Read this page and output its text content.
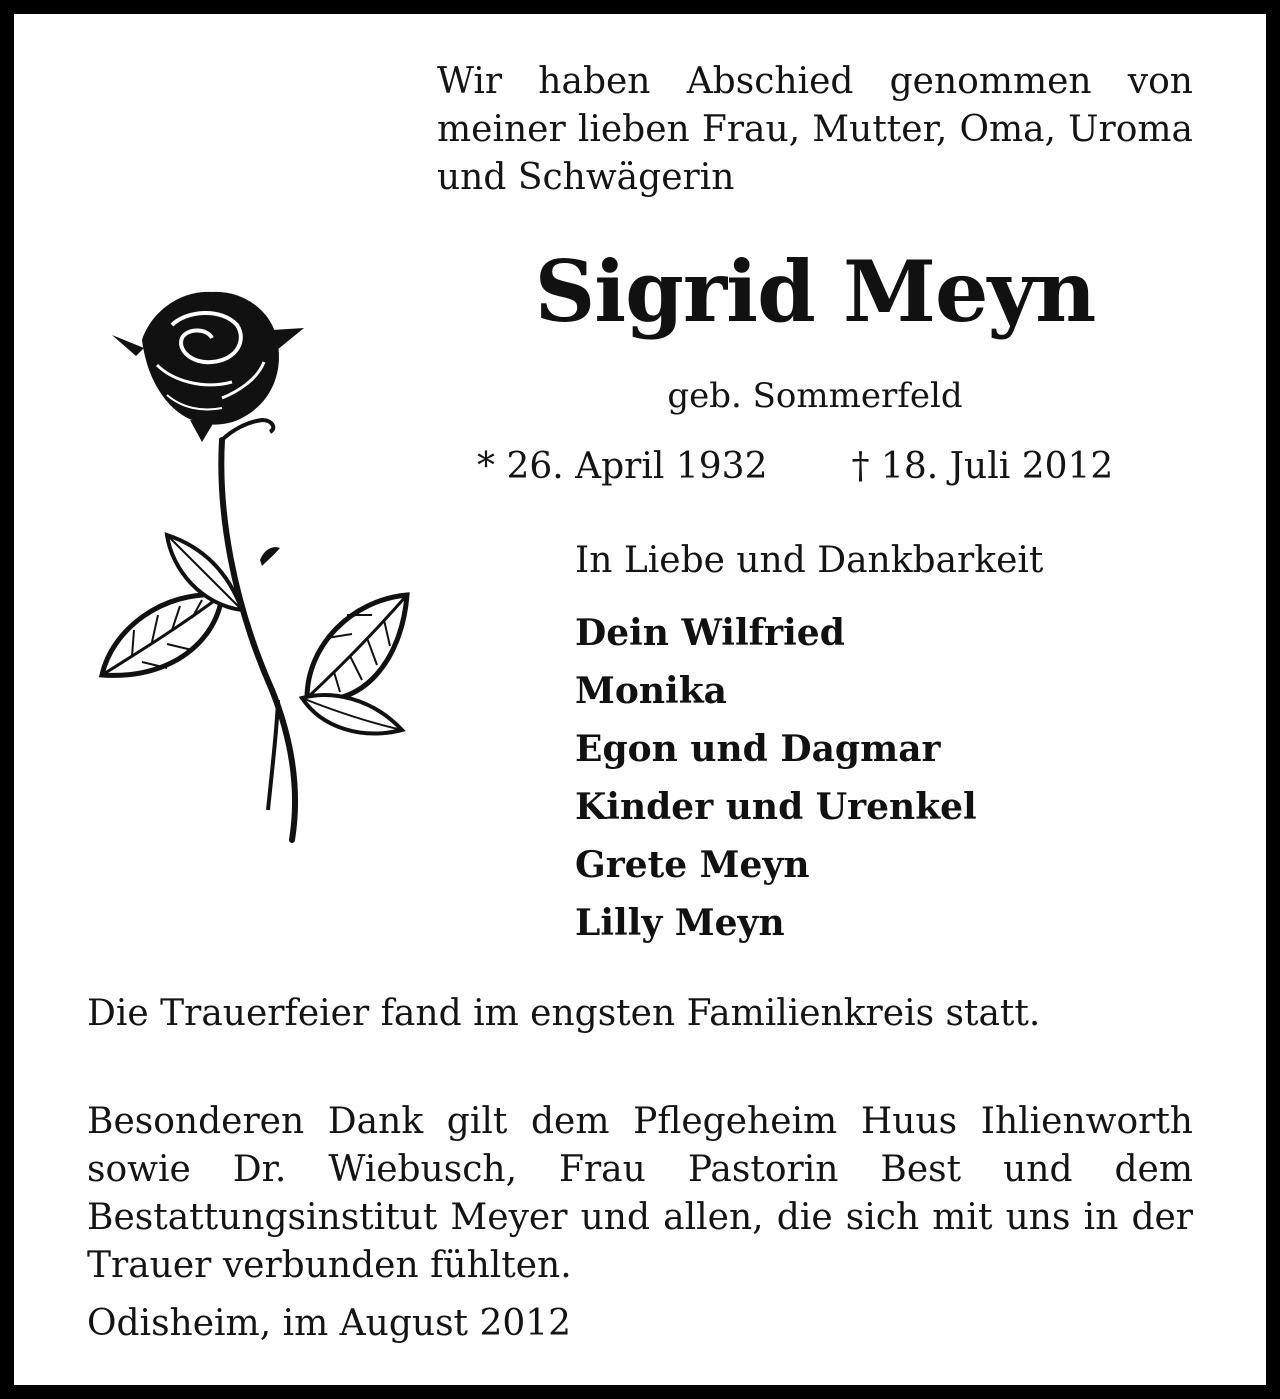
Wir haben Abschied genommen von meiner lieben Frau, Mutter, Oma, Uroma und Schwägerin

Sigrid Meyn

geb. Sommerfeld

* 26. April 1932 † 18. Juli 2012

In Liebe und Dankbarkeit

Dein Wilfried
Monika
Egon und Dagmar
Kinder und Urenkel
Grete Meyn
Lilly Meyn

Die Trauerfeier fand im engsten Familienkreis statt.

Besonderen Dank gilt dem Pflegeheim Huus Ihlienworth sowie Dr. Wiebusch, Frau Pastorin Best und dem Bestattungsinstitut Meyer und allen, die sich mit uns in der Trauer verbunden fühlten.

Odisheim, im August 2012
